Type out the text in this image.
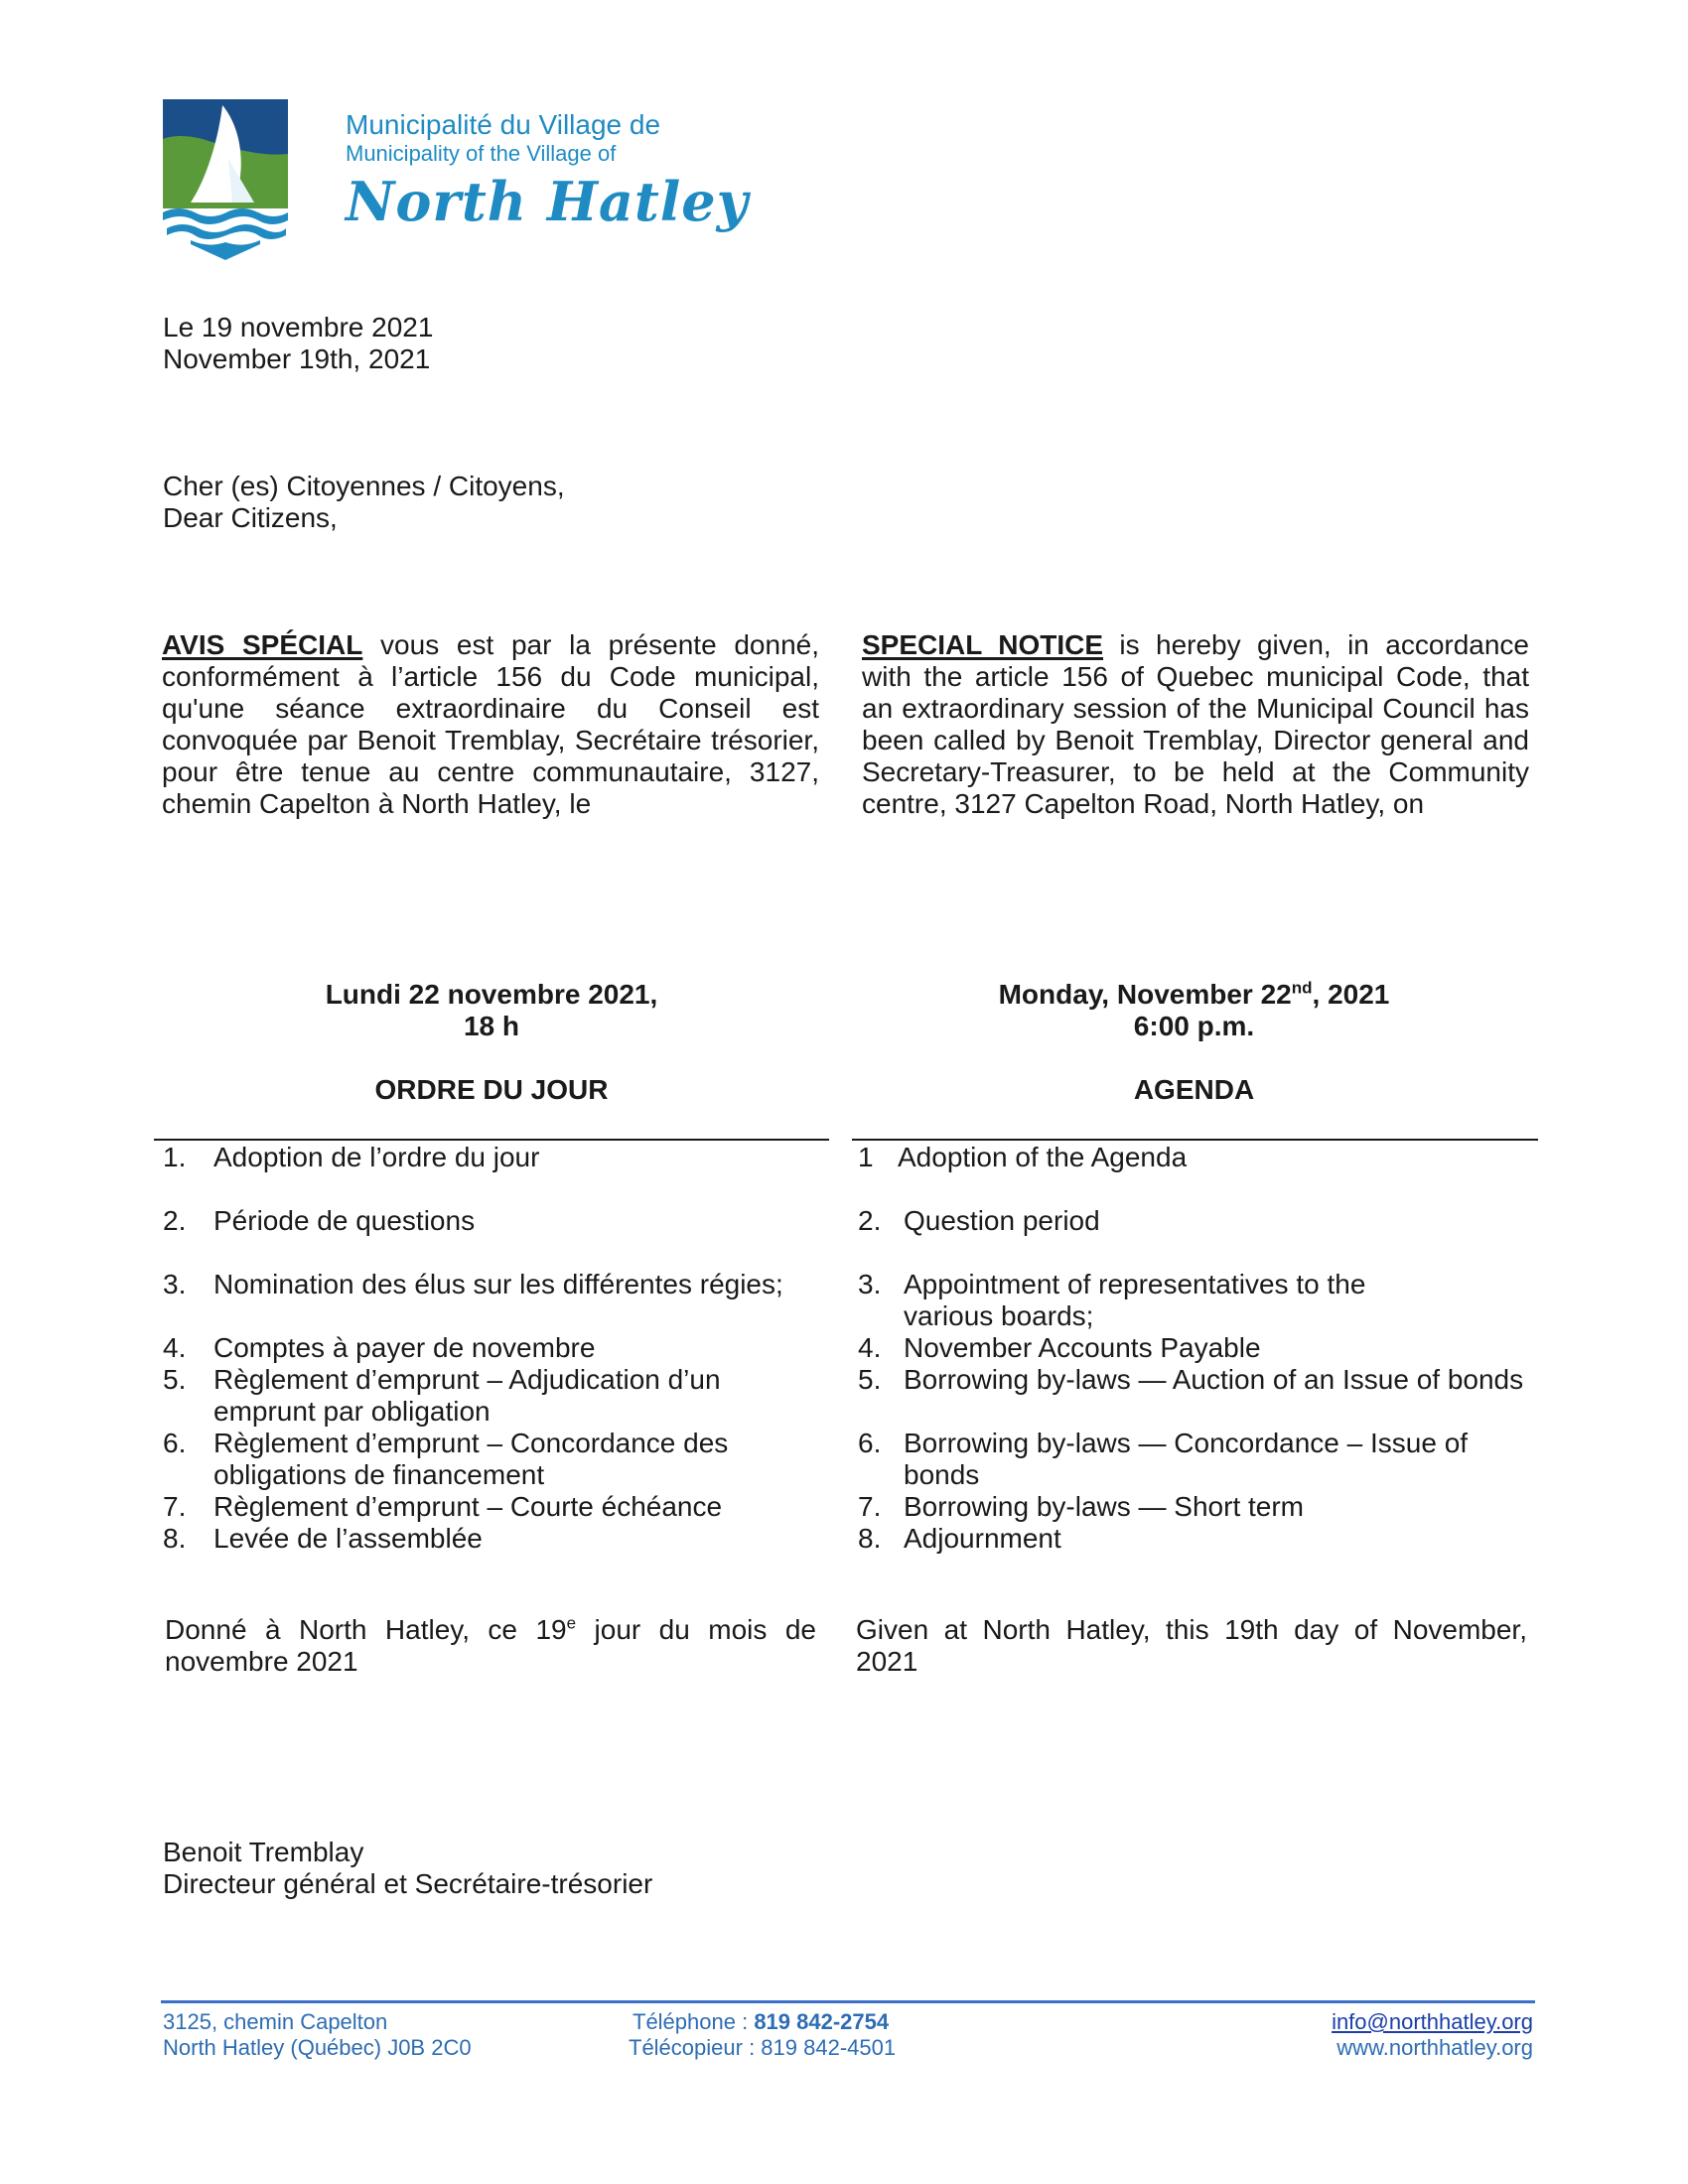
Municipalité du Village de
Municipality of the Village of
North Hatley
Le 19 novembre 2021
November 19th, 2021
Cher (es) Citoyennes / Citoyens,
Dear Citizens,
AVIS SPÉCIAL vous est par la présente donné, conformément à l’article 156 du Code municipal, qu'une séance extraordinaire du Conseil est convoquée par Benoit Tremblay, Secrétaire trésorier, pour être tenue au centre communautaire, 3127, chemin Capelton à North Hatley, le
SPECIAL NOTICE is hereby given, in accordance with the article 156 of Quebec municipal Code, that an extraordinary session of the Municipal Council has been called by Benoit Tremblay, Director general and Secretary-Treasurer, to be held at the Community centre, 3127 Capelton Road, North Hatley, on
Lundi 22 novembre 2021,
18 h
ORDRE DU JOUR
Monday, November 22nd, 2021
6:00 p.m.
AGENDA
1. Adoption de l’ordre du jour
2. Période de questions
3. Nomination des élus sur les différentes régies;
4. Comptes à payer de novembre
5. Règlement d’emprunt – Adjudication d’un emprunt par obligation
6. Règlement d’emprunt – Concordance des obligations de financement
7. Règlement d’emprunt – Courte échéance
8. Levée de l’assemblée
1 Adoption of the Agenda
2. Question period
3. Appointment of representatives to the various boards;
4. November Accounts Payable
5. Borrowing by-laws — Auction of an Issue of bonds
6. Borrowing by-laws — Concordance – Issue of bonds
7. Borrowing by-laws — Short term
8. Adjournment
Donné à North Hatley, ce 19e jour du mois de novembre 2021
Given at North Hatley, this 19th day of November, 2021
Benoit Tremblay
Directeur général et Secrétaire-trésorier
3125, chemin Capelton
North Hatley (Québec) J0B 2C0
Téléphone : 819 842-2754
Télécopieur : 819 842-4501
info@northhatley.org
www.northhatley.org
